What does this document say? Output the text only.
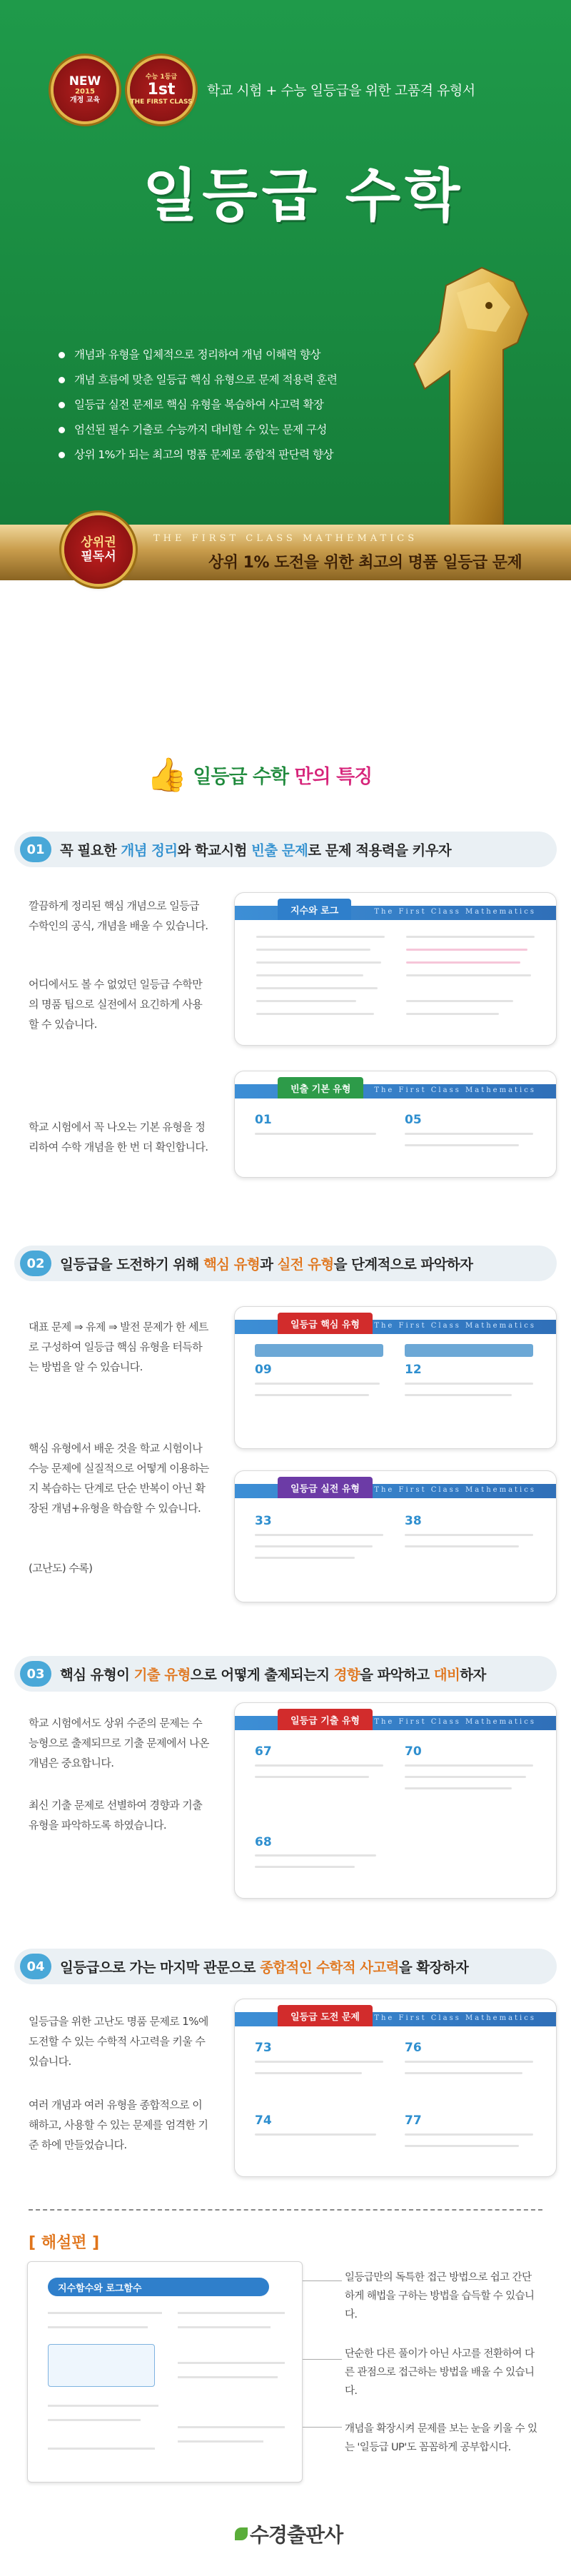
NEW
2015
개정 교육
수능 1등급
1st
THE FIRST CLASS
학교 시험 + 수능 일등급을 위한 고품격 유형서
일등급 수학
개념과 유형을 입체적으로 정리하여 개념 이해력 향상
개념 흐름에 맞춘 일등급 핵심 유형으로 문제 적용력 훈련
일등급 실전 문제로 핵심 유형을 복습하여 사고력 확장
엄선된 필수 기출로 수능까지 대비할 수 있는 문제 구성
상위 1%가 되는 최고의 명품 문제로 종합적 판단력 향상
THE FIRST CLASS MATHEMATICS
상위 1% 도전을 위한 최고의 명품 일등급 문제
상위권
필독서
👍 일등급 수학 만의 특징
01	꼭 필요한 개념 정리와 학교시험 빈출 문제로 문제 적용력을 키우자

깔끔하게 정리된 핵심 개념으로 일등급 수학인의 공식, 개념을 배울 수 있습니다.

어디에서도 볼 수 없었던 일등급 수학만의 명품 팁으로 실전에서 요긴하게 사용할 수 있습니다.

학교 시험에서 꼭 나오는 기본 유형을 정리하여 수학 개념을 한 번 더 확인합니다.

The First Class Mathematics
지수와 로그
The First Class Mathematics
빈출 기본 유형
01	05
02	일등급을 도전하기 위해 핵심 유형과 실전 유형을 단계적으로 파악하자

대표 문제 ⇒ 유제 ⇒ 발전 문제가 한 세트로 구성하여 일등급 핵심 유형을 터득하는 방법을 알 수 있습니다.

핵심 유형에서 배운 것을 학교 시험이나 수능 문제에 실질적으로 어떻게 이용하는지 복습하는 단계로 단순 반복이 아닌 확장된 개념+유형을 학습할 수 있습니다.

(고난도) 수록)

The First Class Mathematics
일등급 핵심 유형
09	12
The First Class Mathematics
일등급 실전 유형
33	38
03	핵심 유형이 기출 유형으로 어떻게 출제되는지 경향을 파악하고 대비하자

학교 시험에서도 상위 수준의 문제는 수능형으로 출제되므로 기출 문제에서 나온 개념은 중요합니다.

최신 기출 문제로 선별하여 경향과 기출 유형을 파악하도록 하였습니다.

The First Class Mathematics
일등급 기출 유형
67	70
68
04	일등급으로 가는 마지막 관문으로 종합적인 수학적 사고력을 확장하자

일등급을 위한 고난도 명품 문제로 1%에 도전할 수 있는 수학적 사고력을 키울 수 있습니다.

여러 개념과 여러 유형을 종합적으로 이해하고, 사용할 수 있는 문제를 엄격한 기준 하에 만들었습니다.

The First Class Mathematics
일등급 도전 문제
73	76
74	77
[ 해설편 ]
지수함수와 로그함수

일등급만의 독특한 접근 방법으로 쉽고 간단하게 해법을 구하는 방법을 습득할 수 있습니다.

단순한 다른 풀이가 아닌 사고를 전환하여 다른 관점으로 접근하는 방법을 배울 수 있습니다.

개념을 확장시켜 문제를 보는 눈을 키울 수 있는 '일등급 UP'도 꼼꼼하게 공부합시다.

수경출판사
